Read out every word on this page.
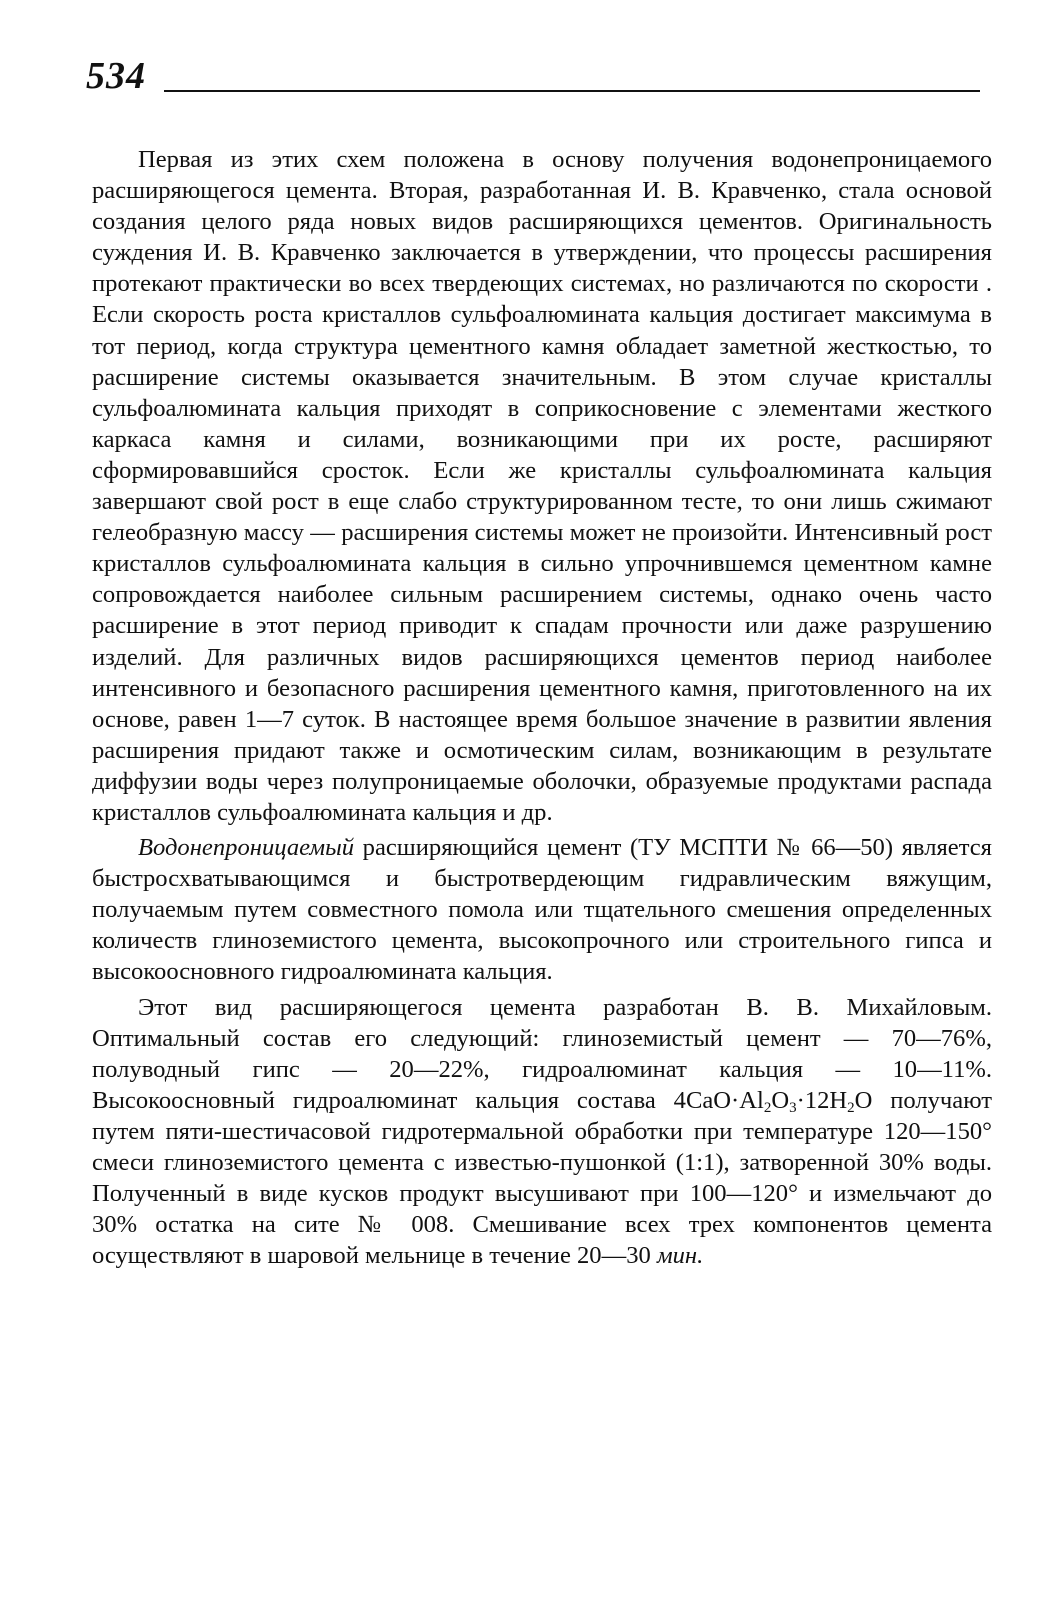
534

Первая из этих схем положена в основу получения водонепроницаемого расширяющегося цемента. Вторая, разработанная И. В. Кравченко, стала основой создания целого ряда новых видов расширяющихся цементов. Оригинальность суждения И. В. Кравченко заключается в утверждении, что процессы расширения протекают практически во всех твердеющих системах, но различаются по скорости . Если скорость роста кристаллов сульфоалюмината кальция достигает максимума в тот период, когда структура цементного камня обладает заметной жесткостью, то расширение системы оказывается значительным. В этом случае кристаллы сульфоалюмината кальция приходят в соприкосновение с элементами жесткого каркаса камня и силами, возникающими при их росте, расширяют сформировавшийся сросток. Если же кристаллы сульфоалюмината кальция завершают свой рост в еще слабо структурированном тесте, то они лишь сжимают гелеобразную массу — расширения системы может не произойти. Интенсивный рост кристаллов сульфоалюмината кальция в сильно упрочнившемся цементном камне сопровождается наиболее сильным расширением системы, однако очень часто расширение в этот период приводит к спадам прочности или даже разрушению изделий. Для различных видов расширяющихся цементов период наиболее интенсивного и безопасного расширения цементного камня, приготовленного на их основе, равен 1—7 суток. В настоящее время большое значение в развитии явления расширения придают также и осмотическим силам, возникающим в результате диффузии воды через полупроницаемые оболочки, образуемые продуктами распада кристаллов сульфоалюмината кальция и др.

Водонепроницаемый расширяющийся цемент (ТУ МСПТИ № 66—50) является быстросхватывающимся и быстротвердеющим гидравлическим вяжущим, получаемым путем совместного помола или тщательного смешения определенных количеств глиноземистого цемента, высокопрочного или строительного гипса и высокоосновного гидроалюмината кальция.

Этот вид расширяющегося цемента разработан В. В. Михайловым. Оптимальный состав его следующий: глиноземистый цемент — 70—76%, полуводный гипс — 20—22%, гидроалюминат кальция — 10—11%. Высокоосновный гидроалюминат кальция состава $4CaO\cdot Al_2O_3\cdot 12H_2O$ получают путем пяти-шестичасовой гидротермальной обработки при температуре 120—150° смеси глиноземистого цемента с известью-пушонкой (1:1), затворенной 30% воды. Полученный в виде кусков продукт высушивают при 100—120° и измельчают до 30% остатка на сите № 008. Смешивание всех трех компонентов цемента осуществляют в шаровой мельнице в течение 20—30 мин.
